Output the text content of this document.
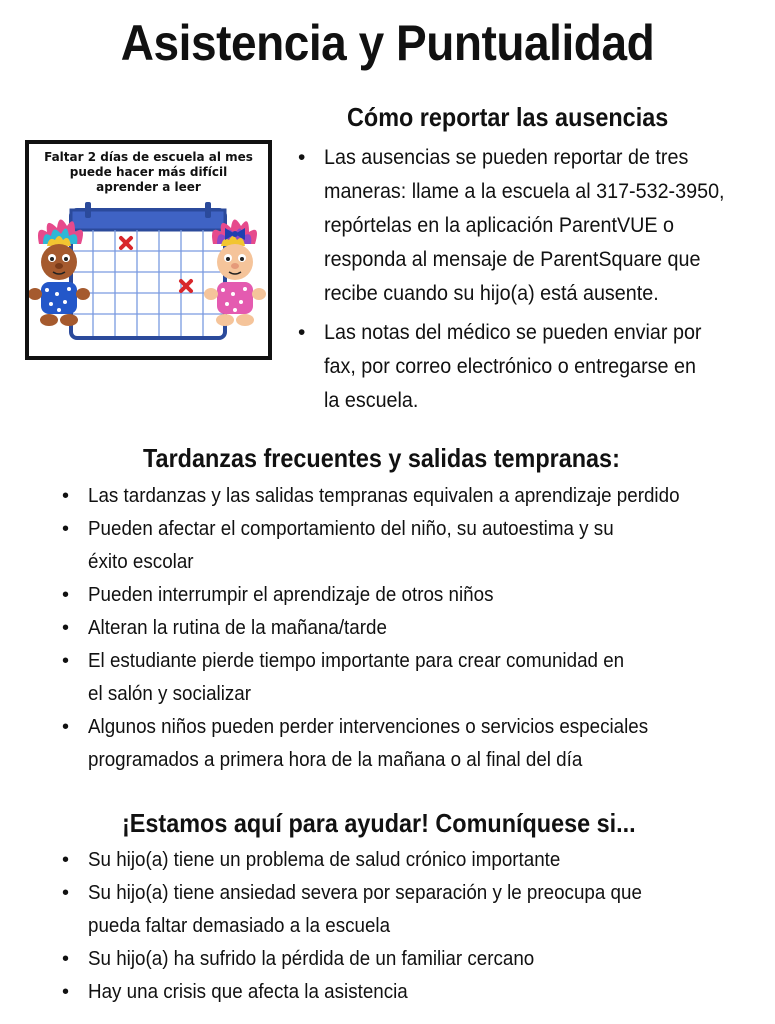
Asistencia y Puntualidad
Faltar 2 días de escuela al mes
puede hacer más difícil
aprender a leer
Cómo reportar las ausencias
• Las ausencias se pueden reportar de tres
maneras: llame a la escuela al 317-532-3950,
repórtelas en la aplicación ParentVUE o
responda al mensaje de ParentSquare que
recibe cuando su hijo(a) está ausente.
• Las notas del médico se pueden enviar por
fax, por correo electrónico o entregarse en
la escuela.
Tardanzas frecuentes y salidas tempranas:
• Las tardanzas y las salidas tempranas equivalen a aprendizaje perdido
• Pueden afectar el comportamiento del niño, su autoestima y su
éxito escolar
• Pueden interrumpir el aprendizaje de otros niños
• Alteran la rutina de la mañana/tarde
• El estudiante pierde tiempo importante para crear comunidad en
el salón y socializar
• Algunos niños pueden perder intervenciones o servicios especiales
programados a primera hora de la mañana o al final del día
¡Estamos aquí para ayudar! Comuníquese si...
• Su hijo(a) tiene un problema de salud crónico importante
• Su hijo(a) tiene ansiedad severa por separación y le preocupa que
pueda faltar demasiado a la escuela
• Su hijo(a) ha sufrido la pérdida de un familiar cercano
• Hay una crisis que afecta la asistencia
